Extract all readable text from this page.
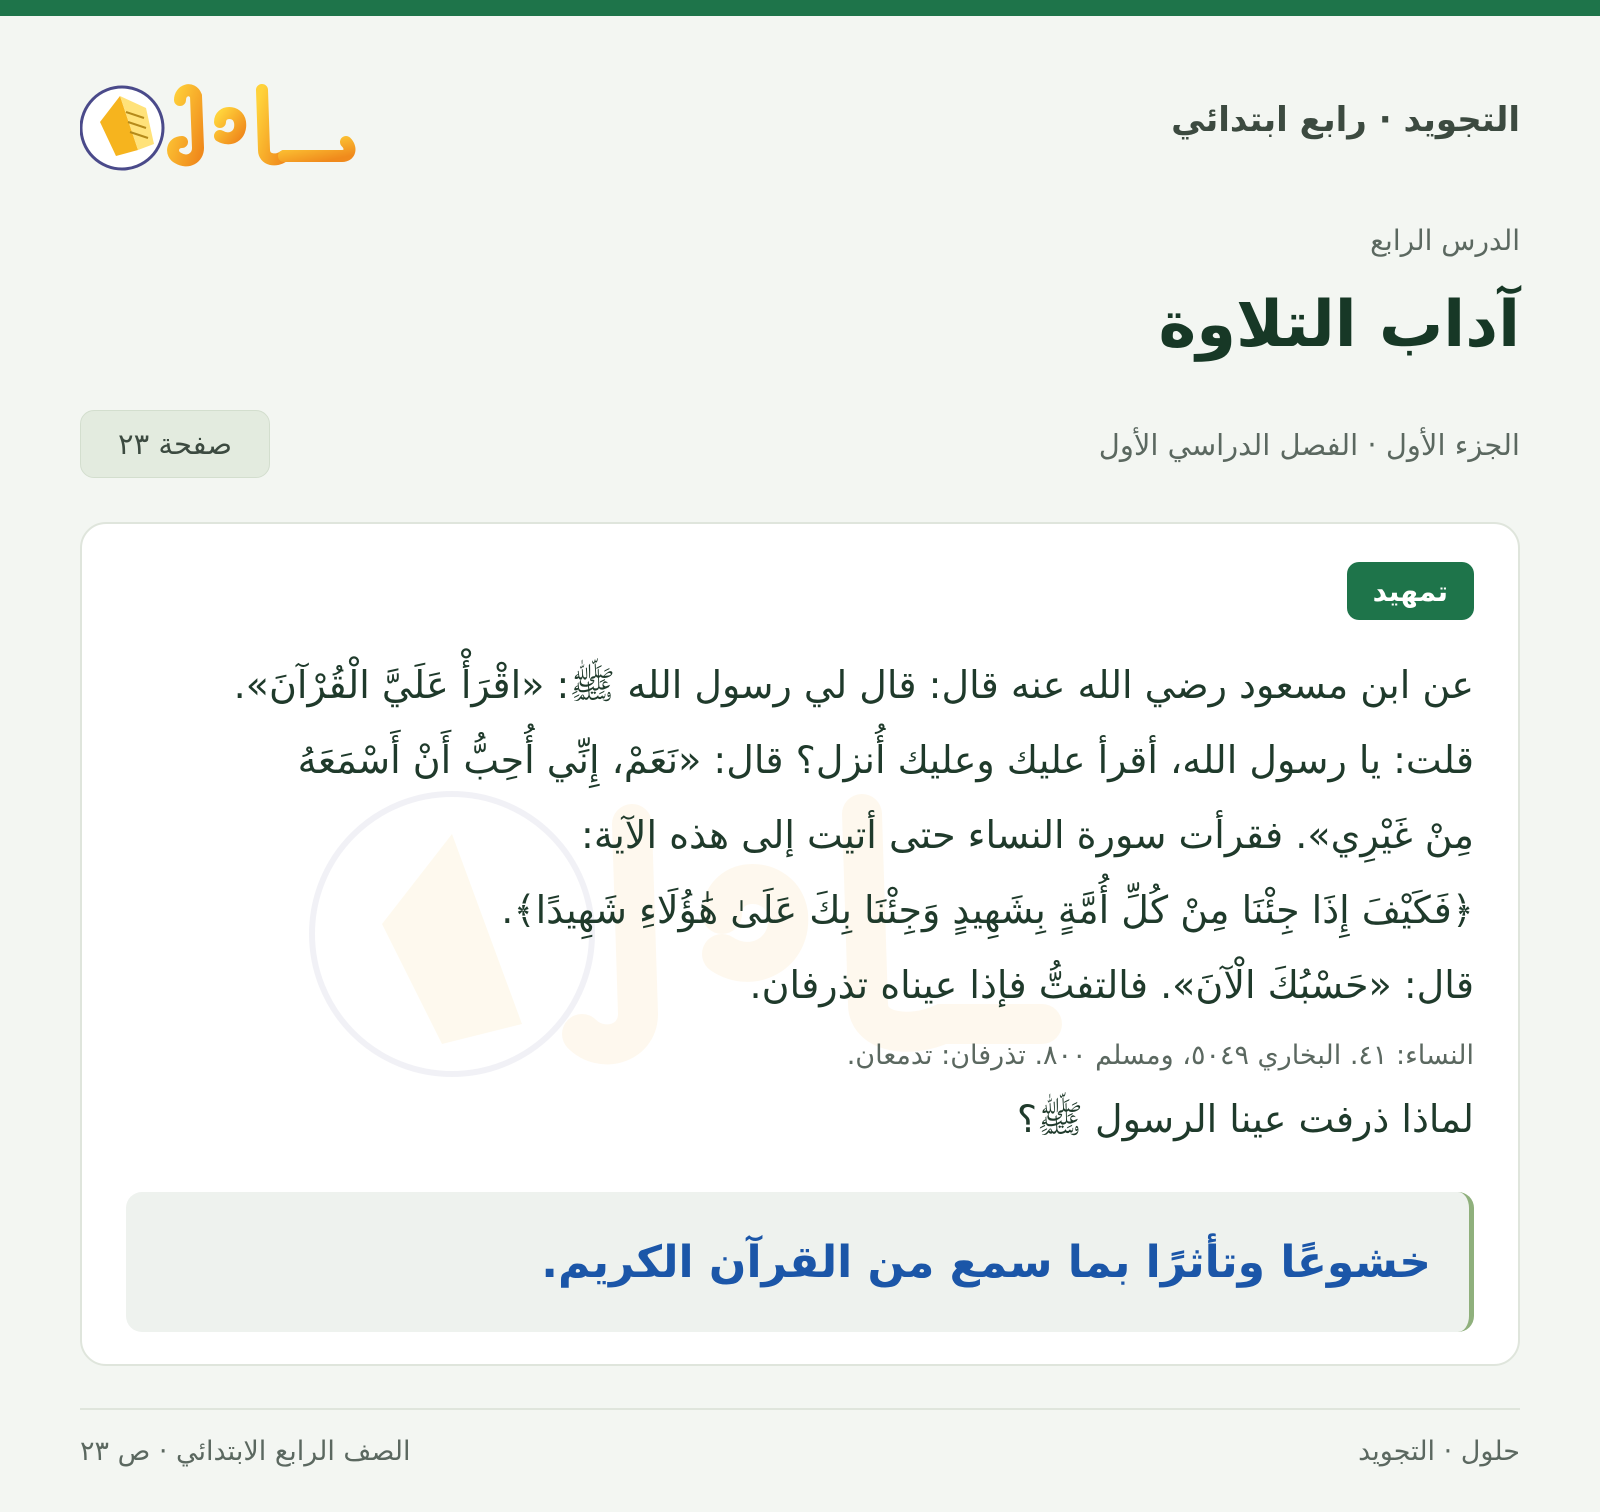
التجويد · رابع ابتدائي

الدرس الرابع

آداب التلاوة

الجزء الأول · الفصل الدراسي الأول

صفحة ٢٣
تمهيد

عن ابن مسعود رضي الله عنه قال: قال لي رسول الله ﷺ: «اقْرَأْ عَلَيَّ الْقُرْآنَ».

قلت: يا رسول الله، أقرأ عليك وعليك أُنزل؟ قال: «نَعَمْ، إِنِّي أُحِبُّ أَنْ أَسْمَعَهُ

مِنْ غَيْرِي». فقرأت سورة النساء حتى أتيت إلى هذه الآية:

﴿فَكَيْفَ إِذَا جِئْنَا مِنْ كُلِّ أُمَّةٍ بِشَهِيدٍ وَجِئْنَا بِكَ عَلَىٰ هَٰؤُلَاءِ شَهِيدًا﴾.

قال: «حَسْبُكَ الْآنَ». فالتفتُّ فإذا عيناه تذرفان.

النساء: ٤١. البخاري ٥٠٤٩، ومسلم ٨٠٠. تذرفان: تدمعان.

لماذا ذرفت عينا الرسول ﷺ؟

خشوعًا وتأثرًا بما سمع من القرآن الكريم.

حلول · التجويد

الصف الرابع الابتدائي · ص ٢٣
